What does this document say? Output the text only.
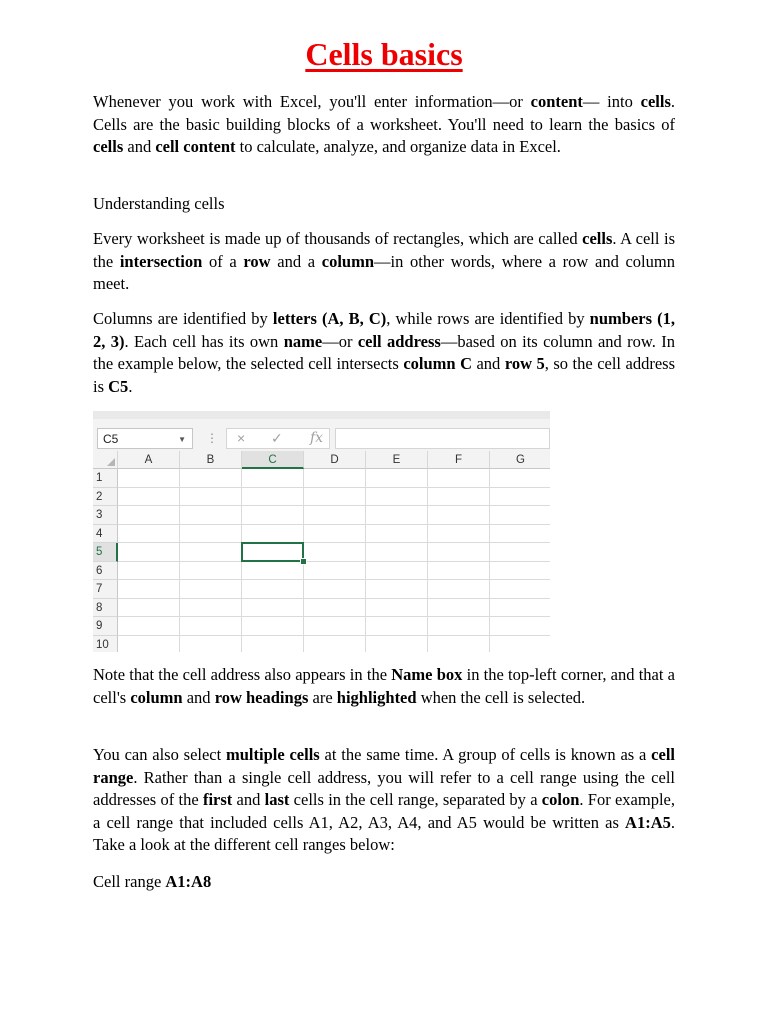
Cells basics

Whenever you work with Excel, you'll enter information—or content— into cells. Cells are the basic building blocks of a worksheet. You'll need to learn the basics of cells and cell content to calculate, analyze, and organize data in Excel.

Understanding cells

Every worksheet is made up of thousands of rectangles, which are called cells. A cell is the intersection of a row and a column—in other words, where a row and column meet.

Columns are identified by letters (A, B, C), while rows are identified by numbers (1, 2, 3). Each cell has its own name—or cell address—based on its column and row. In the example below, the selected cell intersects column C and row 5, so the cell address is C5.

C5	▼ ⋮ × ✓ fx
A	B	C	D	E	F	G
1
2
3
4
5
6
7
8
9
10

Note that the cell address also appears in the Name box in the top-left corner, and that a cell's column and row headings are highlighted when the cell is selected.

You can also select multiple cells at the same time. A group of cells is known as a cell range. Rather than a single cell address, you will refer to a cell range using the cell addresses of the first and last cells in the cell range, separated by a colon. For example, a cell range that included cells A1, A2, A3, A4, and A5 would be written as A1:A5. Take a look at the different cell ranges below:

Cell range A1:A8
